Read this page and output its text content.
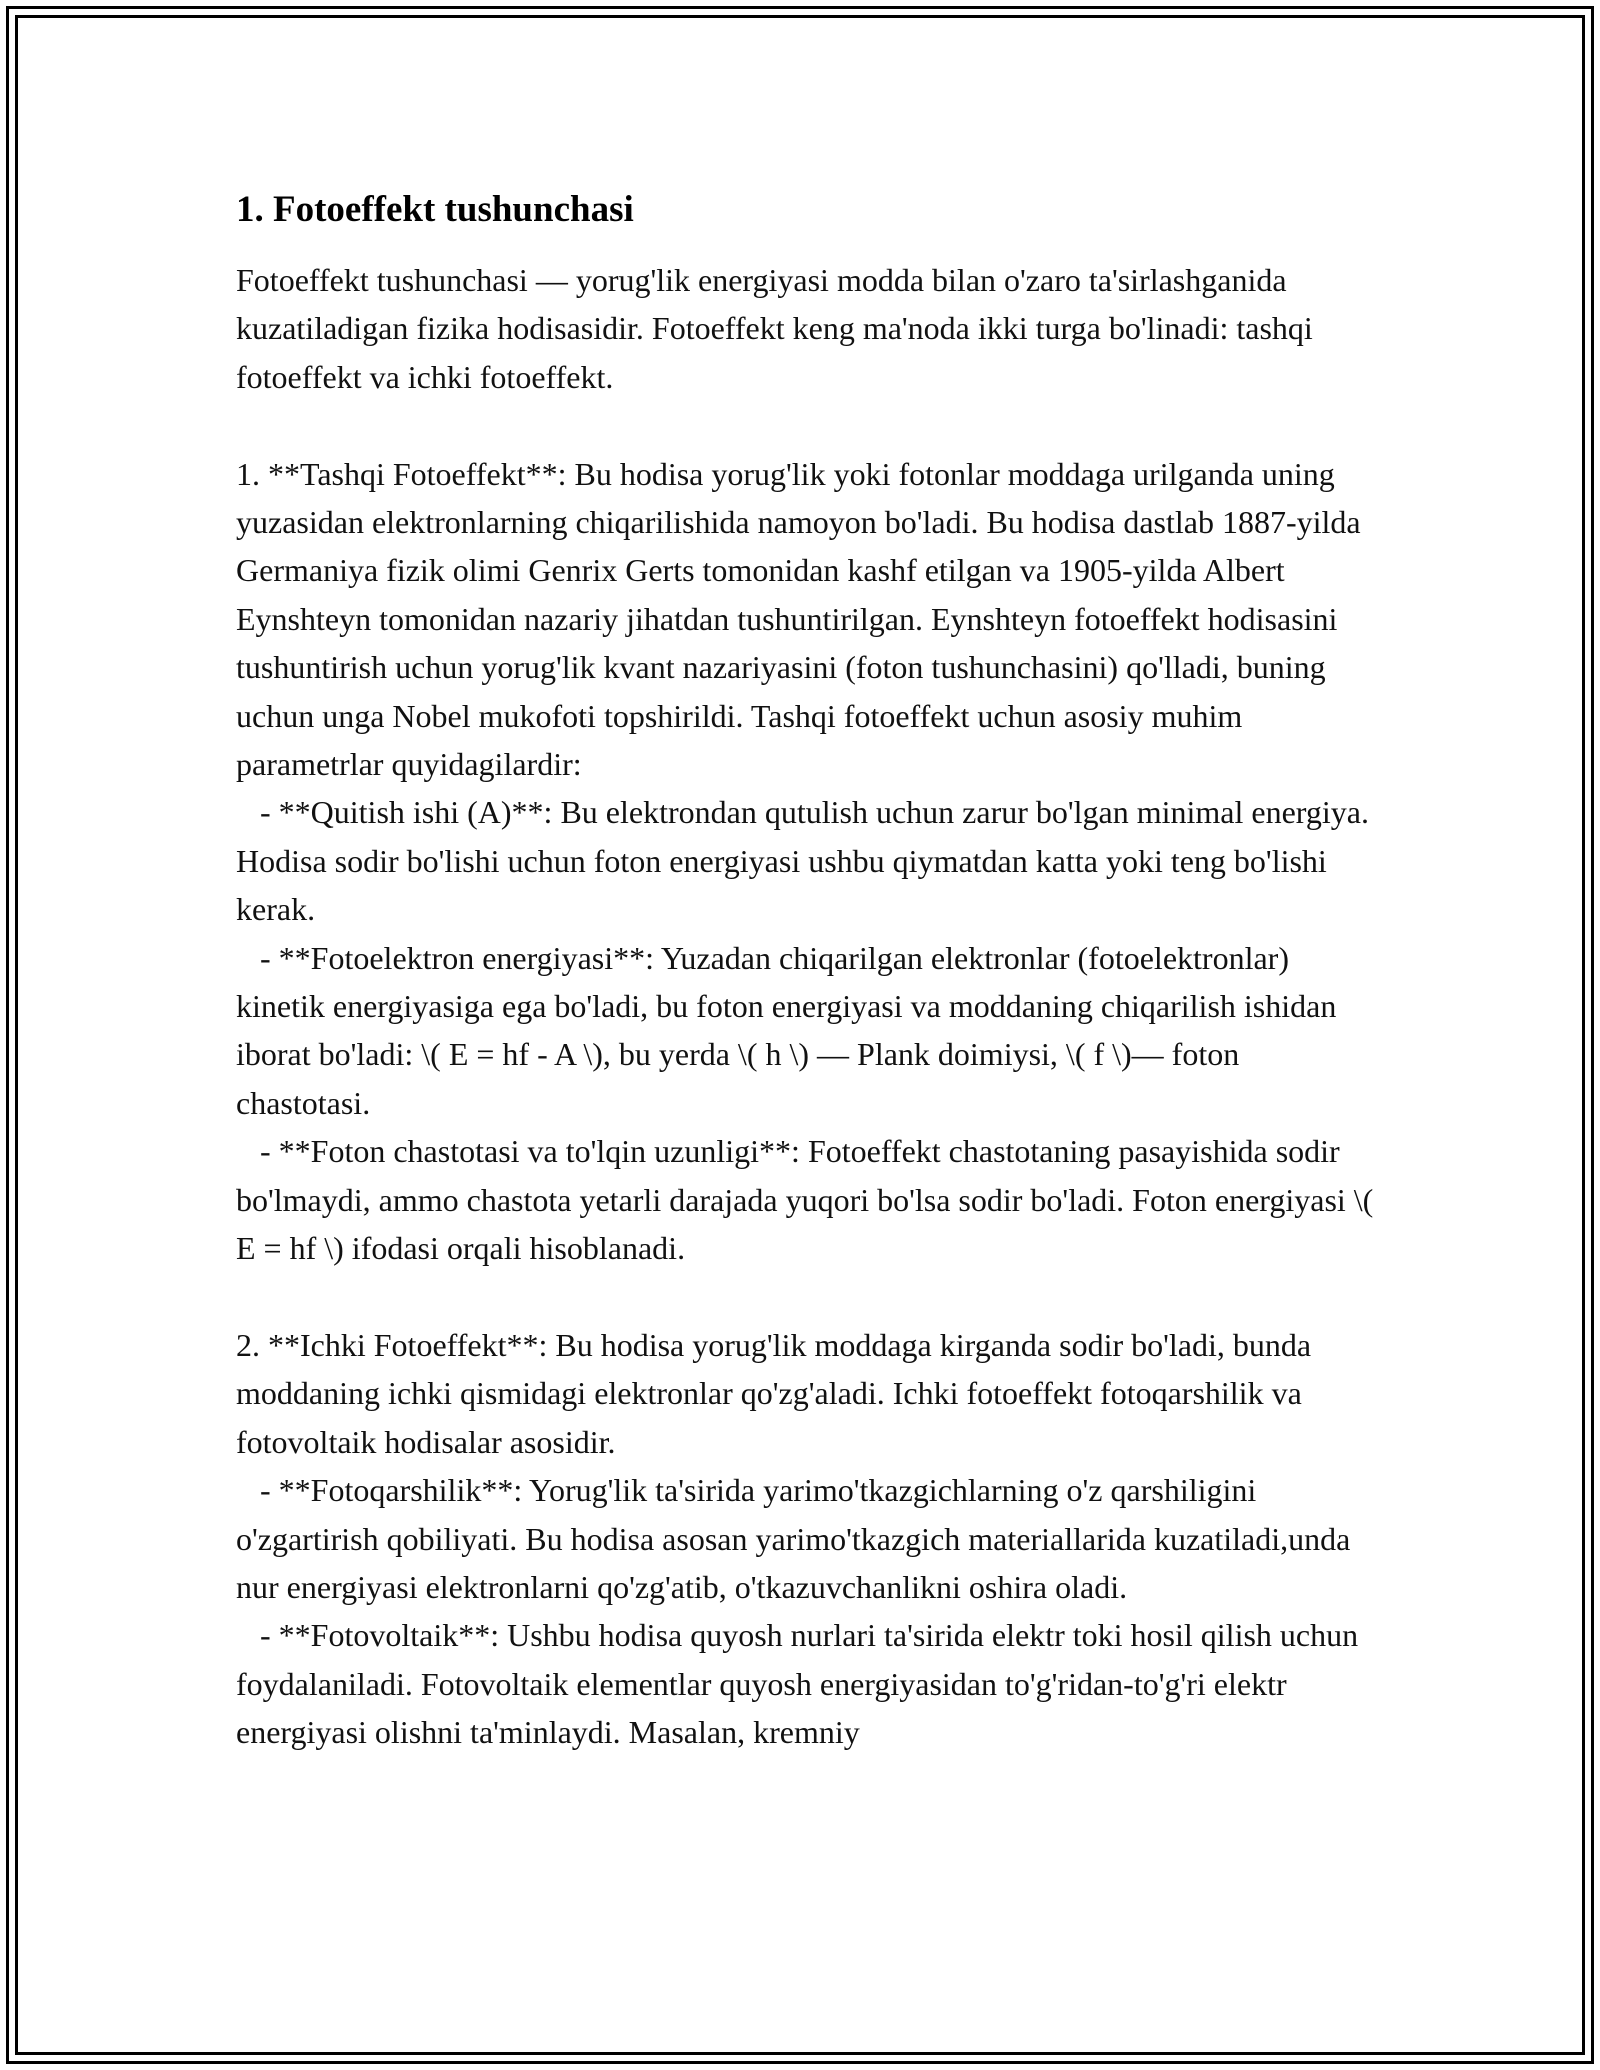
1. Fotoeffekt tushunchasi

Fotoeffekt tushunchasi — yorug'lik energiyasi modda bilan o'zaro ta'sirlashganida kuzatiladigan fizika hodisasidir. Fotoeffekt keng ma'noda ikki turga bo'linadi: tashqi fotoeffekt va ichki fotoeffekt.

1. **Tashqi Fotoeffekt**: Bu hodisa yorug'lik yoki fotonlar moddaga urilganda uning yuzasidan elektronlarning chiqarilishida namoyon bo'ladi. Bu hodisa dastlab 1887-yilda Germaniya fizik olimi Genrix Gerts tomonidan kashf etilgan va 1905-yilda Albert Eynshteyn tomonidan nazariy jihatdan tushuntirilgan. Eynshteyn fotoeffekt hodisasini tushuntirish uchun yorug'lik kvant nazariyasini (foton tushunchasini) qo'lladi, buning uchun unga Nobel mukofoti topshirildi. Tashqi fotoeffekt uchun asosiy muhim parametrlar quyidagilardir:

- **Quitish ishi (A)**: Bu elektrondan qutulish uchun zarur bo'lgan minimal energiya. Hodisa sodir bo'lishi uchun foton energiyasi ushbu qiymatdan katta yoki teng bo'lishi kerak.

- **Fotoelektron energiyasi**: Yuzadan chiqarilgan elektronlar (fotoelektronlar) kinetik energiyasiga ega bo'ladi, bu foton energiyasi va moddaning chiqarilish ishidan iborat bo'ladi: \( E = hf - A \), bu yerda \( h \) — Plank doimiysi, \( f \)— foton chastotasi.

- **Foton chastotasi va to'lqin uzunligi**: Fotoeffekt chastotaning pasayishida sodir bo'lmaydi, ammo chastota yetarli darajada yuqori bo'lsa sodir bo'ladi. Foton energiyasi \( E = hf \) ifodasi orqali hisoblanadi.

2. **Ichki Fotoeffekt**: Bu hodisa yorug'lik moddaga kirganda sodir bo'ladi, bunda moddaning ichki qismidagi elektronlar qo'zg'aladi. Ichki fotoeffekt fotoqarshilik va fotovoltaik hodisalar asosidir.

- **Fotoqarshilik**: Yorug'lik ta'sirida yarimo'tkazgichlarning o'z qarshiligini o'zgartirish qobiliyati. Bu hodisa asosan yarimo'tkazgich materiallarida kuzatiladi,unda nur energiyasi elektronlarni qo'zg'atib, o'tkazuvchanlikni oshira oladi.

- **Fotovoltaik**: Ushbu hodisa quyosh nurlari ta'sirida elektr toki hosil qilish uchun foydalaniladi. Fotovoltaik elementlar quyosh energiyasidan to'g'ridan-to'g'ri elektr energiyasi olishni ta'minlaydi. Masalan, kremniy
